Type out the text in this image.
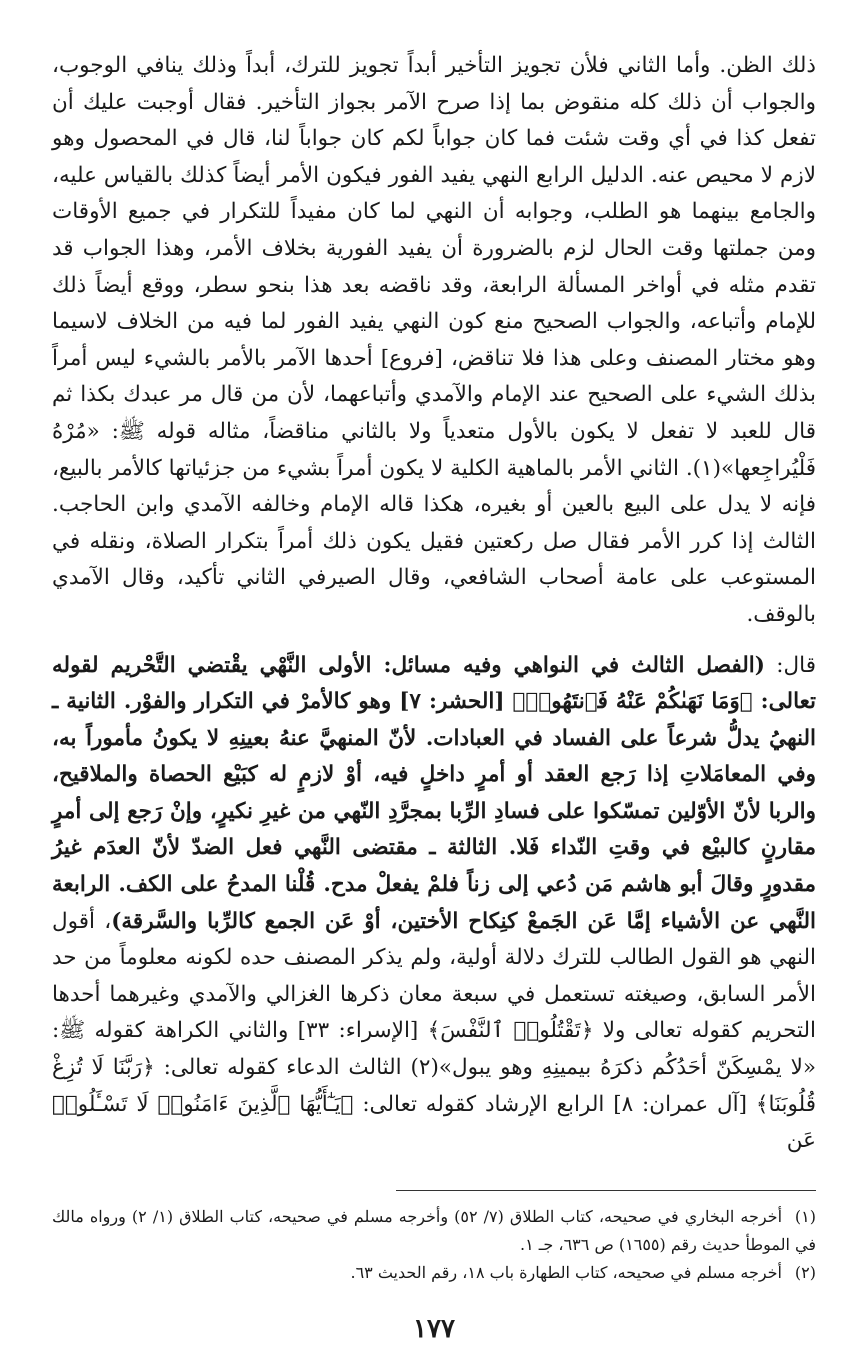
ذلك الظن. وأما الثاني فلأن تجويز التأخير أبداً تجويز للترك، أبداً وذلك ينافي الوجوب، والجواب أن ذلك كله منقوض بما إذا صرح الآمر بجواز التأخير. فقال أوجبت عليك أن تفعل كذا في أي وقت شئت فما كان جواباً لكم كان جواباً لنا، قال في المحصول وهو لازم لا محيص عنه. الدليل الرابع النهي يفيد الفور فيكون الأمر أيضاً كذلك بالقياس عليه، والجامع بينهما هو الطلب، وجوابه أن النهي لما كان مفيداً للتكرار في جميع الأوقات ومن جملتها وقت الحال لزم بالضرورة أن يفيد الفورية بخلاف الأمر، وهذا الجواب قد تقدم مثله في أواخر المسألة الرابعة، وقد ناقضه بعد هذا بنحو سطر، ووقع أيضاً ذلك للإمام وأتباعه، والجواب الصحيح منع كون النهي يفيد الفور لما فيه من الخلاف لاسيما وهو مختار المصنف وعلى هذا فلا تناقض، [فروع] أحدها الآمر بالأمر بالشيء ليس أمراً بذلك الشيء على الصحيح عند الإمام والآمدي وأتباعهما، لأن من قال مر عبدك بكذا ثم قال للعبد لا تفعل لا يكون بالأول متعدياً ولا بالثاني مناقضاً، مثاله قوله ﷺ: «مُرْهُ فَلْيُراجِعها»(١). الثاني الأمر بالماهية الكلية لا يكون أمراً بشيء من جزئياتها كالأمر بالبيع، فإنه لا يدل على البيع بالعين أو بغيره، هكذا قاله الإمام وخالفه الآمدي وابن الحاجب. الثالث إذا كرر الأمر فقال صل ركعتين فقيل يكون ذلك أمراً بتكرار الصلاة، ونقله في المستوعب على عامة أصحاب الشافعي، وقال الصيرفي الثاني تأكيد، وقال الآمدي بالوقف.

قال: (الفصل الثالث في النواهي وفيه مسائل: الأولى النَّهْي يقْتضي التَّحْريم لقوله تعالى: ﴿وَمَا نَهَىٰكُمْ عَنْهُ فَٱنتَهُوا۟﴾ [الحشر: ٧] وهو كالأمرْ في التكرار والفوْر. الثانية ـ النهيُ يدلُّ شرعاً على الفساد في العبادات. لأنّ المنهيَّ عنهُ بعينِهِ لا يكونُ مأموراً به، وفي المعامَلاتِ إذا رَجع العقد أو أمرٍ داخلٍ فيه، أوْ لازمٍ له كبَيْع الحصاة والملاقيح، والربا لأنّ الأوّلين تمسّكوا على فسادِ الرِّبا بمجرَّدِ النّهي من غيرِ نكيرٍ، وإنْ رَجع إلى أمرٍ مقارنٍ كالبيْع في وقتِ النّداء فَلا. الثالثة ـ مقتضى النَّهي فعل الضدّ لأنّ العدَم غيرُ مقدورٍ وقالَ أبو هاشم مَن دُعي إلى زناً فلمْ يفعلْ مدح. قُلْنا المدحُ على الكف. الرابعة النَّهي عن الأشياء إمَّا عَن الجَمعْ كنِكاح الأختين، أوْ عَن الجمع كالرِّبا والسَّرقة)، أقول النهي هو القول الطالب للترك دلالة أولية، ولم يذكر المصنف حده لكونه معلوماً من حد الأمر السابق، وصيغته تستعمل في سبعة معان ذكرها الغزالي والآمدي وغيرهما أحدها التحريم كقوله تعالى ولا ﴿تَقْتُلُوا۟ ٱلنَّفْسَ﴾ [الإسراء: ٣٣] والثاني الكراهة كقوله ﷺ: «لا يمْسِكَنّ أحَدُكُم ذكرَهُ بيمينِهِ وهو يبول»(٢) الثالث الدعاء كقوله تعالى: ﴿رَبَّنَا لَا تُزِغْ قُلُوبَنَا﴾ [آل عمران: ٨] الرابع الإرشاد كقوله تعالى: ﴿يَـٰٓأَيُّهَا ٱلَّذِينَ ءَامَنُوا۟ لَا تَسْـَٔلُوا۟ عَن

(١)أخرجه البخاري في صحيحه، كتاب الطلاق (٧/ ٥٢) وأخرجه مسلم في صحيحه، كتاب الطلاق (١/ ٢) ورواه مالك في الموطأ حديث رقم (١٦٥٥) ص ٦٣٦، جـ ١.

(٢)أخرجه مسلم في صحيحه، كتاب الطهارة باب ١٨، رقم الحديث ٦٣.

١٧٧
